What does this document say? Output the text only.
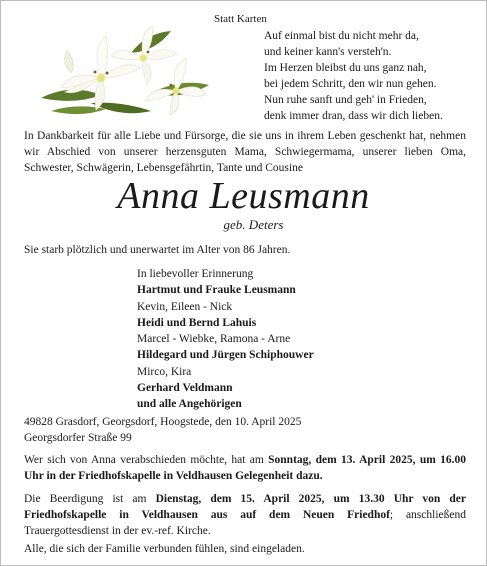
Statt Karten
Auf einmal bist du nicht mehr da,
und keiner kann's versteh'n.
Im Herzen bleibst du uns ganz nah,
bei jedem Schritt, den wir nun gehen.
Nun ruhe sanft und geh' in Frieden,
denk immer dran, dass wir dich lieben.
In Dankbarkeit für alle Liebe und Fürsorge, die sie uns in ihrem Leben geschenkt hat, nehmen wir Abschied von unserer herzensguten Mama, Schwiegermama, unserer lieben Oma, Schwester, Schwägerin, Lebensgefährtin, Tante und Cousine
Anna Leusmann
geb. Deters
Sie starb plötzlich und unerwartet im Alter von 86 Jahren.
In liebevoller Erinnerung
Hartmut und Frauke Leusmann
Kevin, Eileen - Nick
Heidi und Bernd Lahuis
Marcel - Wiebke, Ramona - Arne
Hildegard und Jürgen Schiphouwer
Mirco, Kira
Gerhard Veldmann
und alle Angehörigen
49828 Grasdorf, Georgsdorf, Hoogstede, den 10. April 2025
Georgsdorfer Straße 99
Wer sich von Anna verabschieden möchte, hat am Sonntag, dem 13. April 2025, um 16.00 Uhr in der Friedhofskapelle in Veldhausen Gelegenheit dazu.
Die Beerdigung ist am Dienstag, dem 15. April 2025, um 13.30 Uhr von der Friedhofskapelle in Veldhausen aus auf dem Neuen Friedhof; anschließend Trauergottesdienst in der ev.-ref. Kirche.
Alle, die sich der Familie verbunden fühlen, sind eingeladen.
